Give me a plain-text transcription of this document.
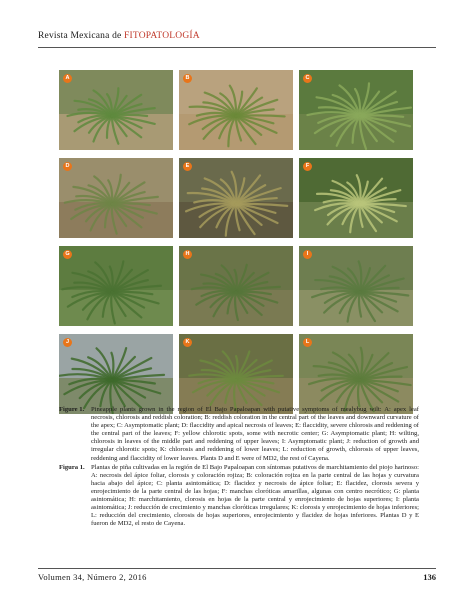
Revista Mexicana de FITOPATOLOGÍA
A	B	C
D	E	F
G	H	I
J	K	L
Figure 1.	Pineapple plants grown in the region of El Bajo Papaloapan with putative symptoms of mealybug wilt: A: apex leaf necrosis, chlorosis and reddish coloration; B: reddish coloration in the central part of the leaves and downward curvature of the apex; C: Asymptomatic plant; D: flaccidity and apical necrosis of leaves; E: flaccidity, severe chlorosis and reddening of the central part of the leaves; F: yellow chlorotic spots, some with necrotic center; G: Asymptomatic plant; H: wilting, chlorosis in leaves of the middle part and reddening of upper leaves; I: Asymptomatic plant; J: reduction of growth and irregular chlorotic spots; K: chlorosis and reddening of lower leaves; L: reduction of growth, chlorosis of upper leaves, reddening and flaccidity of lower leaves. Plants D and E were of MD2, the rest of Cayena.
Figura 1. Plantas de piña cultivadas en la región de El Bajo Papaloapan con síntomas putativos de marchitamiento del piojo harinoso: A: necrosis del ápice foliar, clorosis y coloración rojiza; B: coloración rojiza en la parte central de las hojas y curvatura hacia abajo del ápice; C: planta asintomática; D: flacidez y necrosis de ápice foliar; E: flacidez, clorosis severa y enrojecimiento de la parte central de las hojas; F: manchas cloróticas amarillas, algunas con centro necrótico; G: planta asintomática; H: marchitamiento, clorosis en hojas de la parte central y enrojecimiento de hojas superiores; I: planta asintomática; J: reducción de crecimiento y manchas cloróticas irregulares; K: clorosis y enrojecimiento de hojas inferiores; L: reducción del crecimiento, clorosis de hojas superiores, enrojecimiento y flacidez de hojas inferiores. Plantas D y E fueron de MD2, el resto de Cayena.
Volumen 34, Número 2, 2016	136
